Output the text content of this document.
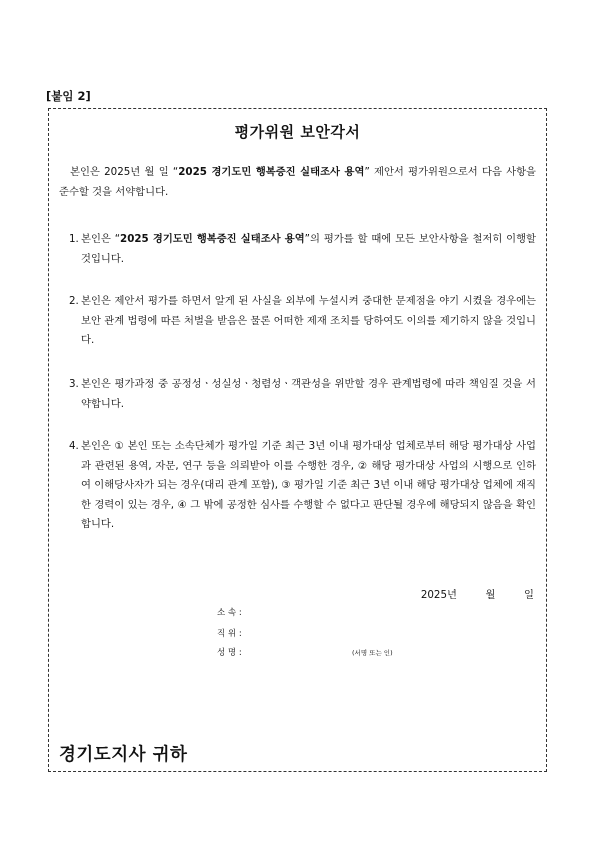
[붙임 2]
평가위원 보안각서
본인은 2025년 월 일 “2025 경기도민 행복증진 실태조사 용역” 제안서 평가위원으로서 다음 사항을 준수할 것을 서약합니다.
1. 본인은 “2025 경기도민 행복증진 실태조사 용역”의 평가를 할 때에 모든 보안사항을 철저히 이행할 것입니다.
2. 본인은 제안서 평가를 하면서 알게 된 사실을 외부에 누설시켜 중대한 문제점을 야기 시켰을 경우에는 보안 관계 법령에 따른 처벌을 받음은 물론 어떠한 제재 조치를 당하여도 이의를 제기하지 않을 것입니다.
3. 본인은 평가과정 중 공정성ㆍ성실성ㆍ청렴성ㆍ객관성을 위반할 경우 관계법령에 따라 책임질 것을 서약합니다.
4. 본인은 ① 본인 또는 소속단체가 평가일 기준 최근 3년 이내 평가대상 업체로부터 해당 평가대상 사업과 관련된 용역, 자문, 연구 등을 의뢰받아 이를 수행한 경우, ② 해당 평가대상 사업의 시행으로 인하여 이해당사자가 되는 경우(대리 관계 포함), ③ 평가일 기준 최근 3년 이내 해당 평가대상 업체에 재직한 경력이 있는 경우, ④ 그 밖에 공정한 심사를 수행할 수 없다고 판단될 경우에 해당되지 않음을 확인합니다.
2025년	월	일
소 속 :
직 위 :
성 명 :	(서명 또는 인)
경기도지사 귀하
